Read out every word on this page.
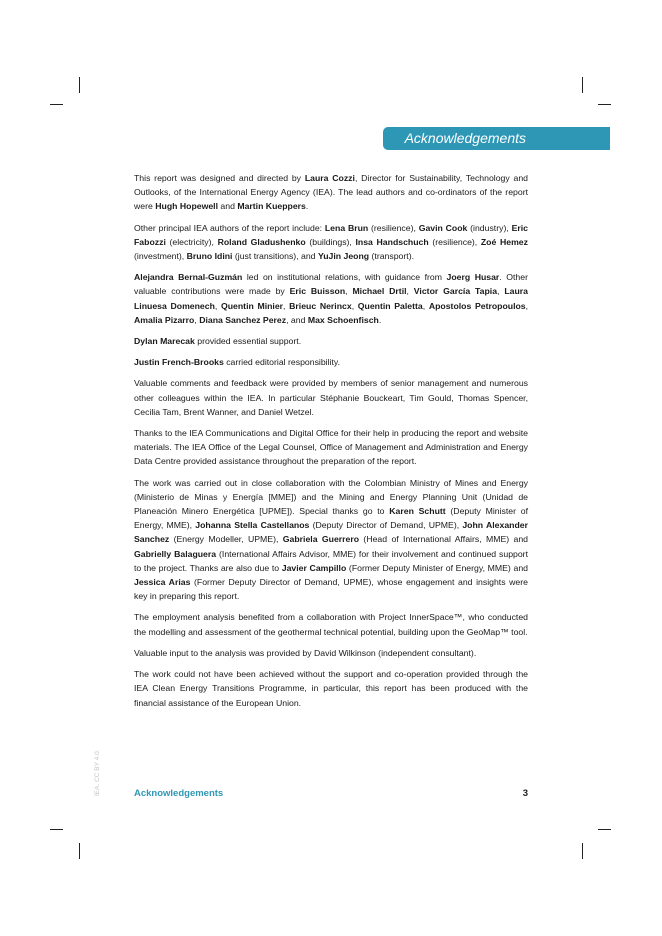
Acknowledgements

This report was designed and directed by Laura Cozzi, Director for Sustainability, Technology and Outlooks, of the International Energy Agency (IEA). The lead authors and co-ordinators of the report were Hugh Hopewell and Martin Kueppers.

Other principal IEA authors of the report include: Lena Brun (resilience), Gavin Cook (industry), Eric Fabozzi (electricity), Roland Gladushenko (buildings), Insa Handschuch (resilience), Zoé Hemez (investment), Bruno Idini (just transitions), and YuJin Jeong (transport).

Alejandra Bernal-Guzmán led on institutional relations, with guidance from Joerg Husar. Other valuable contributions were made by Eric Buisson, Michael Drtil, Victor García Tapia, Laura Linuesa Domenech, Quentin Minier, Brieuc Nerincx, Quentin Paletta, Apostolos Petropoulos, Amalia Pizarro, Diana Sanchez Perez, and Max Schoenfisch.

Dylan Marecak provided essential support.

Justin French-Brooks carried editorial responsibility.

Valuable comments and feedback were provided by members of senior management and numerous other colleagues within the IEA. In particular Stéphanie Bouckeart, Tim Gould, Thomas Spencer, Cecilia Tam, Brent Wanner, and Daniel Wetzel.

Thanks to the IEA Communications and Digital Office for their help in producing the report and website materials. The IEA Office of the Legal Counsel, Office of Management and Administration and Energy Data Centre provided assistance throughout the preparation of the report.

The work was carried out in close collaboration with the Colombian Ministry of Mines and Energy (Ministerio de Minas y Energía [MME]) and the Mining and Energy Planning Unit (Unidad de Planeación Minero Energética [UPME]). Special thanks go to Karen Schutt (Deputy Minister of Energy, MME), Johanna Stella Castellanos (Deputy Director of Demand, UPME), John Alexander Sanchez (Energy Modeller, UPME), Gabriela Guerrero (Head of International Affairs, MME) and Gabrielly Balaguera (International Affairs Advisor, MME) for their involvement and continued support to the project. Thanks are also due to Javier Campillo (Former Deputy Minister of Energy, MME) and Jessica Arias (Former Deputy Director of Demand, UPME), whose engagement and insights were key in preparing this report.

The employment analysis benefited from a collaboration with Project InnerSpace™, who conducted the modelling and assessment of the geothermal technical potential, building upon the GeoMap™ tool.

Valuable input to the analysis was provided by David Wilkinson (independent consultant).

The work could not have been achieved without the support and co-operation provided through the IEA Clean Energy Transitions Programme, in particular, this report has been produced with the financial assistance of the European Union.

IEA. CC BY 4.0.	Acknowledgements	3
